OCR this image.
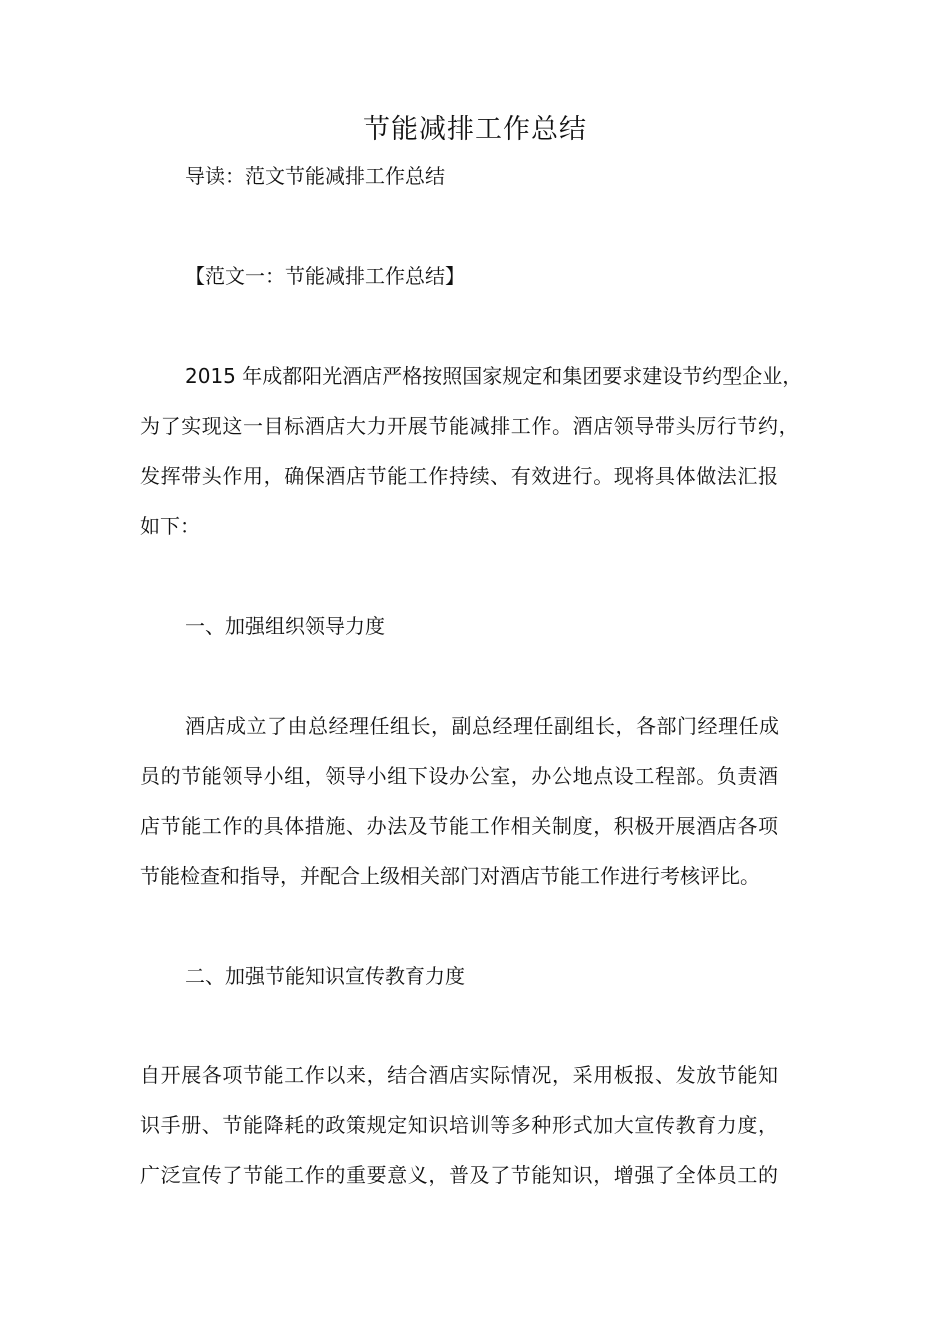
节能减排工作总结
导读：范文节能减排工作总结
【范文一：节能减排工作总结】
2015 年成都阳光酒店严格按照国家规定和集团要求建设节约型企业，
为了实现这一目标酒店大力开展节能减排工作。酒店领导带头厉行节约，
发挥带头作用，确保酒店节能工作持续、有效进行。现将具体做法汇报
如下：
一、加强组织领导力度
酒店成立了由总经理任组长，副总经理任副组长，各部门经理任成
员的节能领导小组，领导小组下设办公室，办公地点设工程部。负责酒
店节能工作的具体措施、办法及节能工作相关制度，积极开展酒店各项
节能检查和指导，并配合上级相关部门对酒店节能工作进行考核评比。
二、加强节能知识宣传教育力度
自开展各项节能工作以来，结合酒店实际情况，采用板报、发放节能知
识手册、节能降耗的政策规定知识培训等多种形式加大宣传教育力度，
广泛宣传了节能工作的重要意义，普及了节能知识，增强了全体员工的
